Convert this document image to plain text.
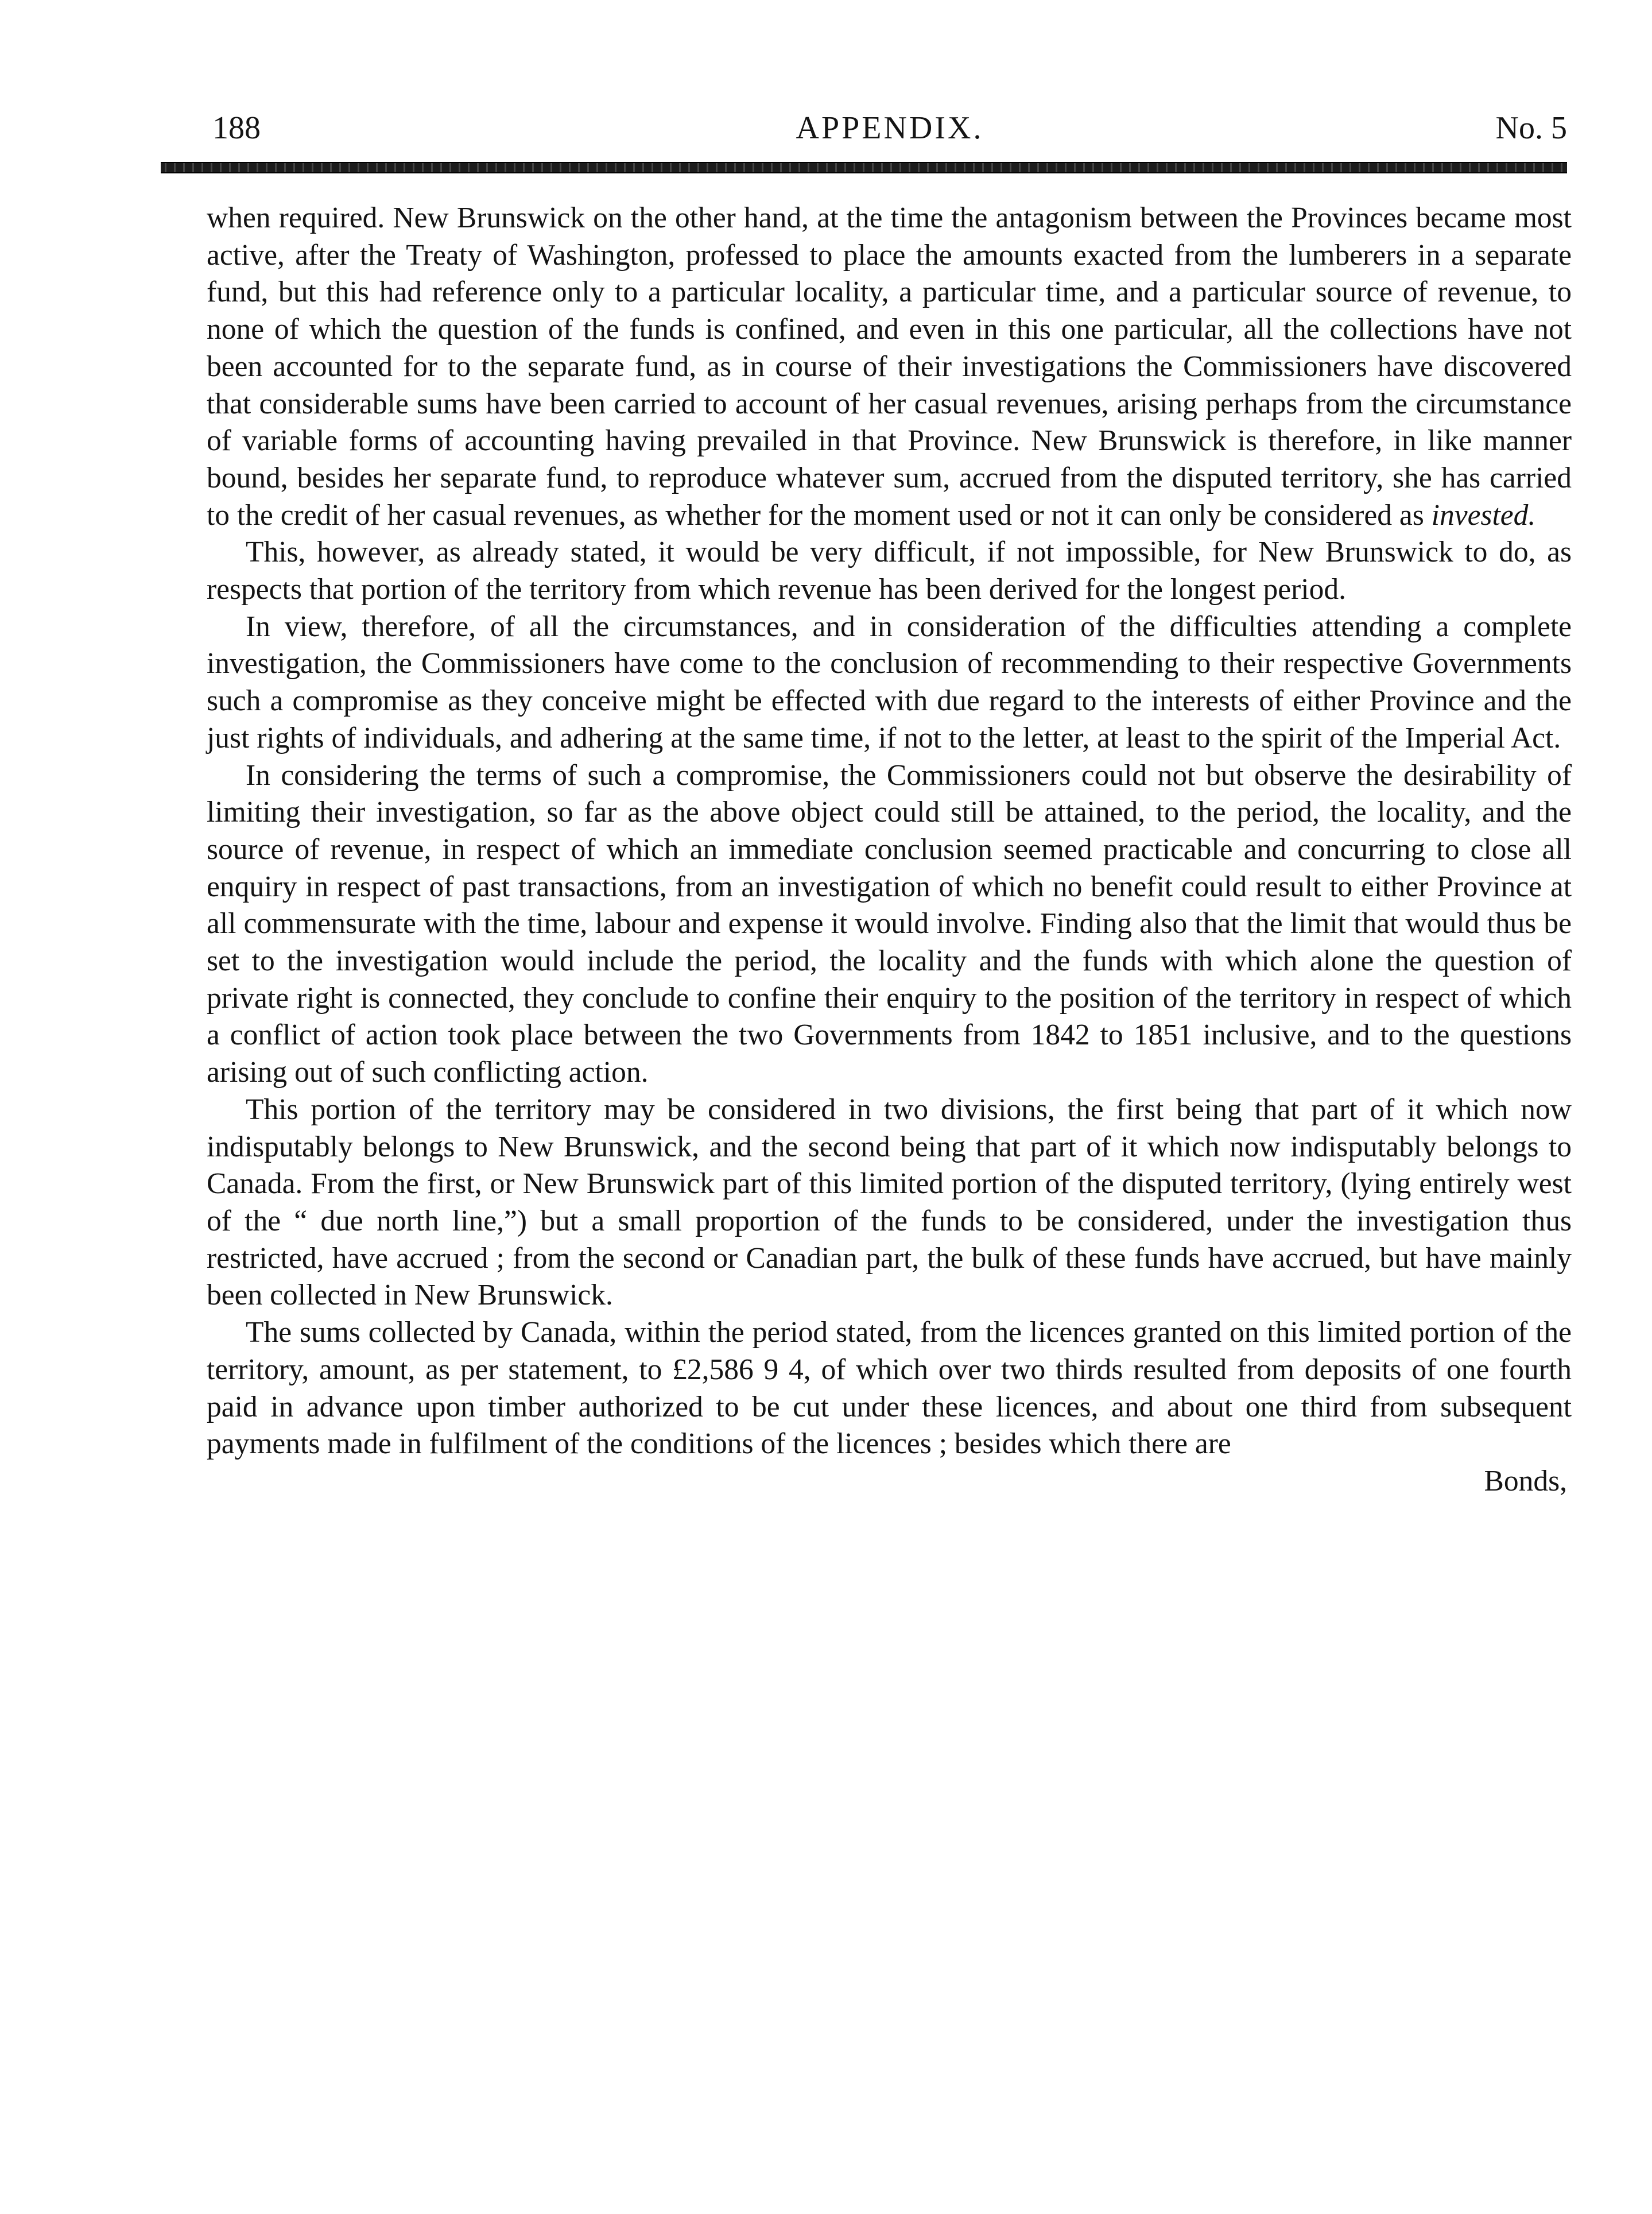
188	APPENDIX.	No. 5

when required. New Brunswick on the other hand, at the time the antagonism between the Provinces became most active, after the Treaty of Washington, professed to place the amounts exacted from the lumberers in a separate fund, but this had reference only to a particular locality, a particular time, and a particular source of revenue, to none of which the question of the funds is confined, and even in this one particular, all the collections have not been accounted for to the separate fund, as in course of their investigations the Commissioners have discovered that considerable sums have been carried to account of her casual revenues, arising perhaps from the circumstance of variable forms of accounting having prevailed in that Province. New Brunswick is therefore, in like manner bound, besides her separate fund, to reproduce whatever sum, accrued from the disputed territory, she has carried to the credit of her casual revenues, as whether for the moment used or not it can only be considered as invested.

This, however, as already stated, it would be very difficult, if not impossible, for New Brunswick to do, as respects that portion of the territory from which revenue has been derived for the longest period.

In view, therefore, of all the circumstances, and in consideration of the difficulties attending a complete investigation, the Commissioners have come to the conclusion of recommending to their respective Governments such a compromise as they conceive might be effected with due regard to the interests of either Province and the just rights of individuals, and adhering at the same time, if not to the letter, at least to the spirit of the Imperial Act.

In considering the terms of such a compromise, the Commissioners could not but observe the desirability of limiting their investigation, so far as the above object could still be attained, to the period, the locality, and the source of revenue, in respect of which an immediate conclusion seemed practicable and concurring to close all enquiry in respect of past transactions, from an investigation of which no benefit could result to either Province at all commensurate with the time, labour and expense it would involve. Finding also that the limit that would thus be set to the investigation would include the period, the locality and the funds with which alone the question of private right is connected, they conclude to confine their enquiry to the position of the territory in respect of which a conflict of action took place between the two Governments from 1842 to 1851 inclusive, and to the questions arising out of such conflicting action.

This portion of the territory may be considered in two divisions, the first being that part of it which now indisputably belongs to New Brunswick, and the second being that part of it which now indisputably belongs to Canada. From the first, or New Brunswick part of this limited portion of the disputed territory, (lying entirely west of the “ due north line,”) but a small proportion of the funds to be considered, under the investigation thus restricted, have accrued ; from the second or Canadian part, the bulk of these funds have accrued, but have mainly been collected in New Brunswick.

The sums collected by Canada, within the period stated, from the licences granted on this limited portion of the territory, amount, as per statement, to £2,586 9 4, of which over two thirds resulted from deposits of one fourth paid in advance upon timber authorized to be cut under these licences, and about one third from subsequent payments made in fulfilment of the conditions of the licences ; besides which there are

Bonds,
